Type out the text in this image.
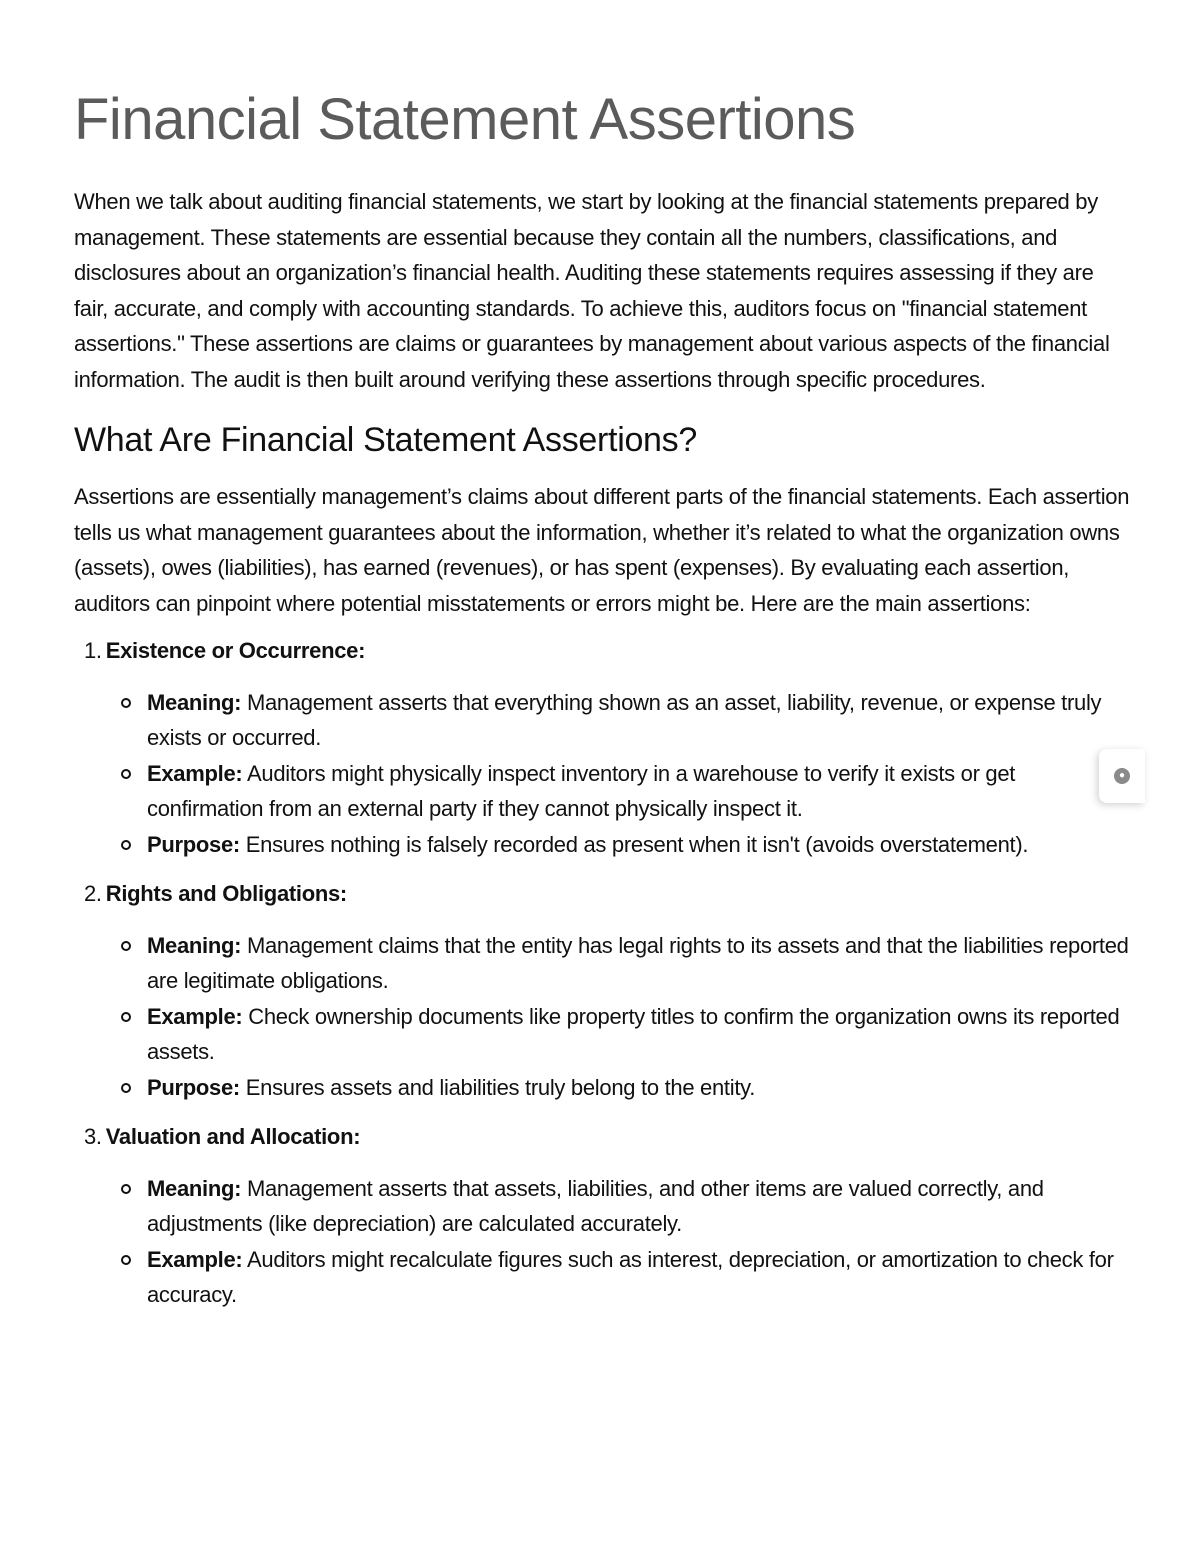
Financial Statement Assertions

When we talk about auditing financial statements, we start by looking at the financial statements prepared by management. These statements are essential because they contain all the numbers, classifications, and disclosures about an organization’s financial health. Auditing these statements requires assessing if they are fair, accurate, and comply with accounting standards. To achieve this, auditors focus on "financial statement assertions." These assertions are claims or guarantees by management about various aspects of the financial information. The audit is then built around verifying these assertions through specific procedures.

What Are Financial Statement Assertions?

Assertions are essentially management’s claims about different parts of the financial statements. Each assertion tells us what management guarantees about the information, whether it’s related to what the organization owns (assets), owes (liabilities), has earned (revenues), or has spent (expenses). By evaluating each assertion, auditors can pinpoint where potential misstatements or errors might be. Here are the main assertions:

1. Existence or Occurrence:
Meaning: Management asserts that everything shown as an asset, liability, revenue, or expense truly exists or occurred.
Example: Auditors might physically inspect inventory in a warehouse to verify it exists or get confirmation from an external party if they cannot physically inspect it.
Purpose: Ensures nothing is falsely recorded as present when it isn't (avoids overstatement).
2. Rights and Obligations:
Meaning: Management claims that the entity has legal rights to its assets and that the liabilities reported are legitimate obligations.
Example: Check ownership documents like property titles to confirm the organization owns its reported assets.
Purpose: Ensures assets and liabilities truly belong to the entity.
3. Valuation and Allocation:
Meaning: Management asserts that assets, liabilities, and other items are valued correctly, and adjustments (like depreciation) are calculated accurately.
Example: Auditors might recalculate figures such as interest, depreciation, or amortization to check for accuracy.
●
